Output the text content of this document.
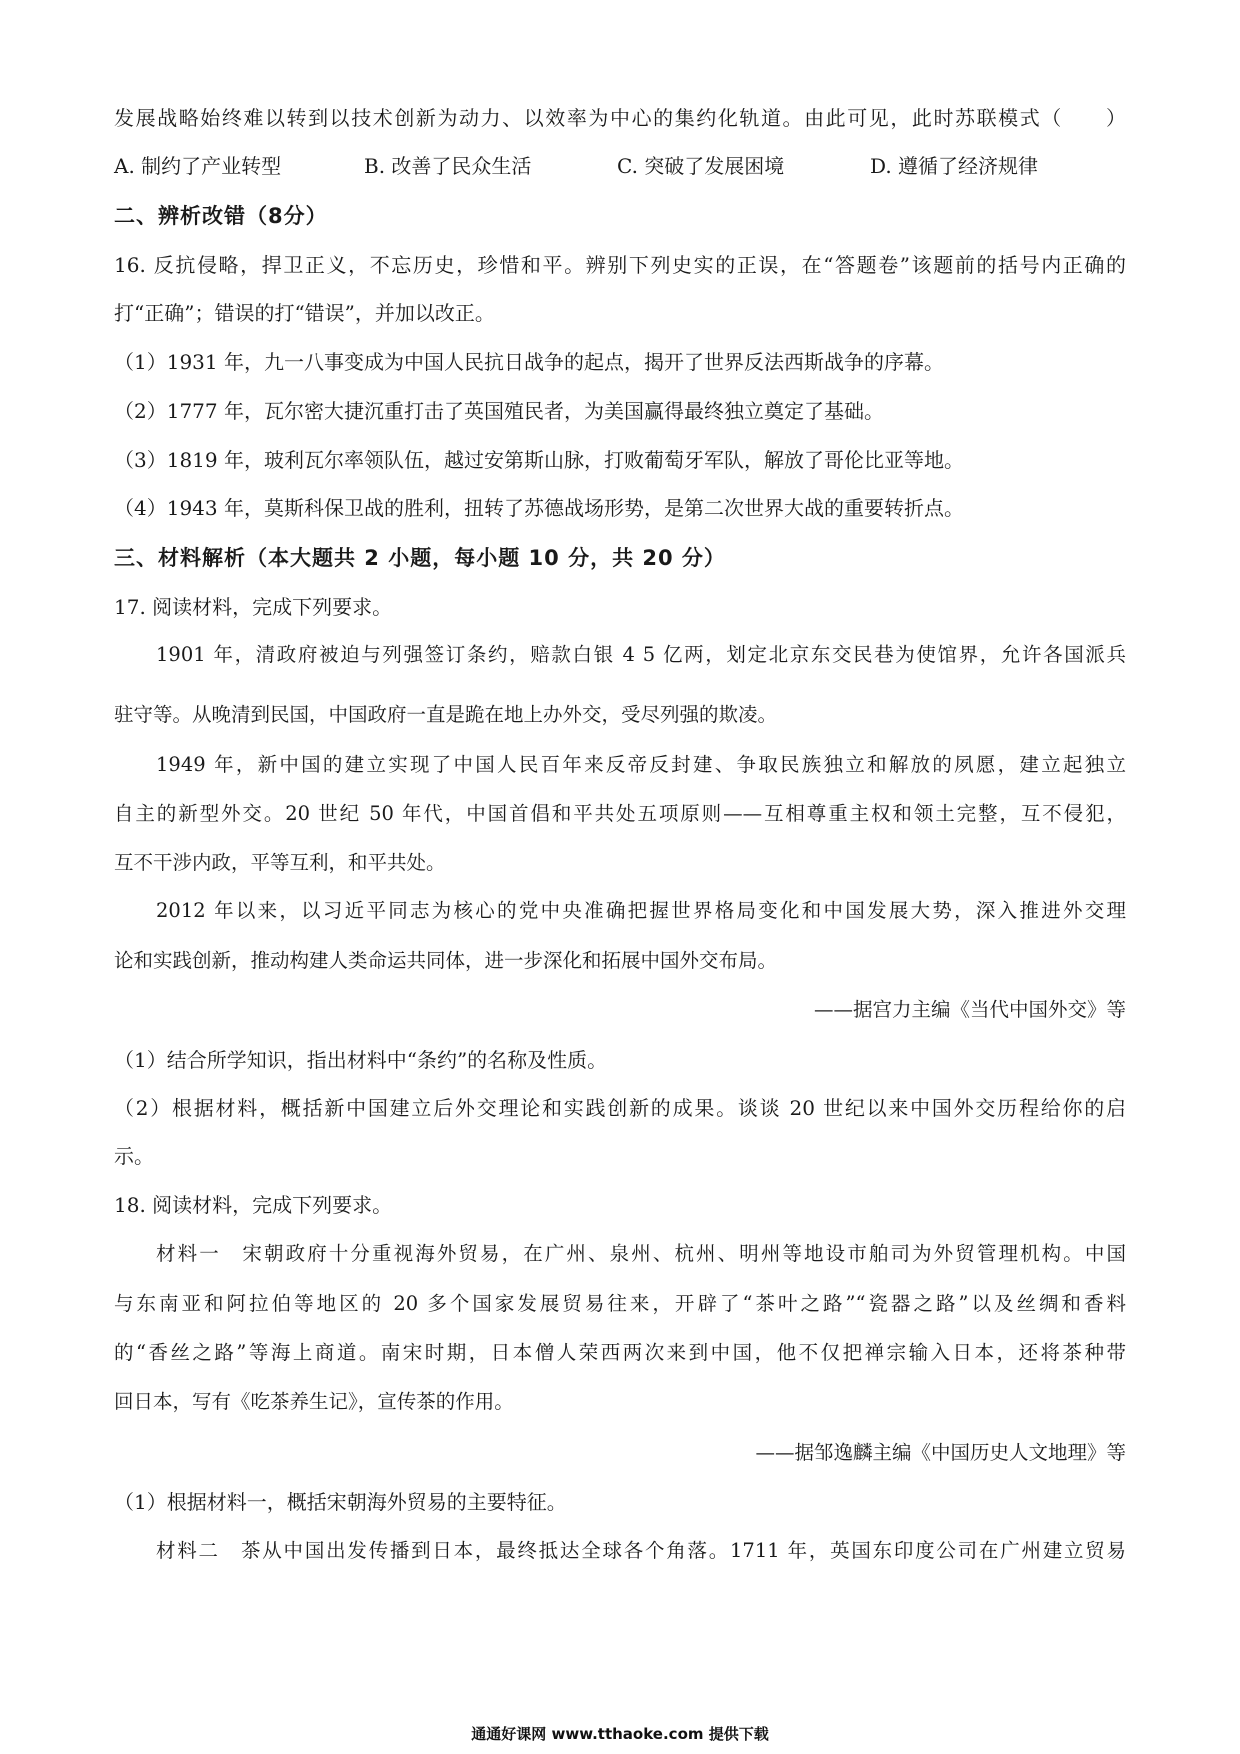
发展战略始终难以转到以技术创新为动力、以效率为中心的集约化轨道。由此可见，此时苏联模式（　　）
A. 制约了产业转型	B. 改善了民众生活	C. 突破了发展困境	D. 遵循了经济规律
二、辨析改错（8分）
16. 反抗侵略，捍卫正义，不忘历史，珍惜和平。辨别下列史实的正误，在“答题卷”该题前的括号内正确的
打“正确”；错误的打“错误”，并加以改正。
（1）1931 年，九一八事变成为中国人民抗日战争的起点，揭开了世界反法西斯战争的序幕。
（2）1777 年，瓦尔密大捷沉重打击了英国殖民者，为美国赢得最终独立奠定了基础。
（3）1819 年，玻利瓦尔率领队伍，越过安第斯山脉，打败葡萄牙军队，解放了哥伦比亚等地。
（4）1943 年，莫斯科保卫战的胜利，扭转了苏德战场形势，是第二次世界大战的重要转折点。
三、材料解析（本大题共 2 小题，每小题 10 分，共 20 分）
17. 阅读材料，完成下列要求。
1901 年，清政府被迫与列强签订条约，赔款白银 4 5 亿两，划定北京东交民巷为使馆界，允许各国派兵
驻守等。从晚清到民国，中国政府一直是跪在地上办外交，受尽列强的欺凌。
1949 年，新中国的建立实现了中国人民百年来反帝反封建、争取民族独立和解放的夙愿，建立起独立
自主的新型外交。20 世纪 50 年代，中国首倡和平共处五项原则——互相尊重主权和领土完整，互不侵犯，
互不干涉内政，平等互利，和平共处。
2012 年以来，以习近平同志为核心的党中央准确把握世界格局变化和中国发展大势，深入推进外交理
论和实践创新，推动构建人类命运共同体，进一步深化和拓展中国外交布局。
——据宫力主编《当代中国外交》等
（1）结合所学知识，指出材料中“条约”的名称及性质。
（2）根据材料，概括新中国建立后外交理论和实践创新的成果。谈谈 20 世纪以来中国外交历程给你的启
示。
18. 阅读材料，完成下列要求。
材料一　宋朝政府十分重视海外贸易，在广州、泉州、杭州、明州等地设市舶司为外贸管理机构。中国
与东南亚和阿拉伯等地区的 20 多个国家发展贸易往来，开辟了“茶叶之路”“瓷器之路”以及丝绸和香料
的“香丝之路”等海上商道。南宋时期，日本僧人荣西两次来到中国，他不仅把禅宗输入日本，还将茶种带
回日本，写有《吃茶养生记》，宣传茶的作用。
——据邹逸麟主编《中国历史人文地理》等
（1）根据材料一，概括宋朝海外贸易的主要特征。
材料二　茶从中国出发传播到日本，最终抵达全球各个角落。1711 年，英国东印度公司在广州建立贸易
通通好课网 www.tthaoke.com 提供下载
